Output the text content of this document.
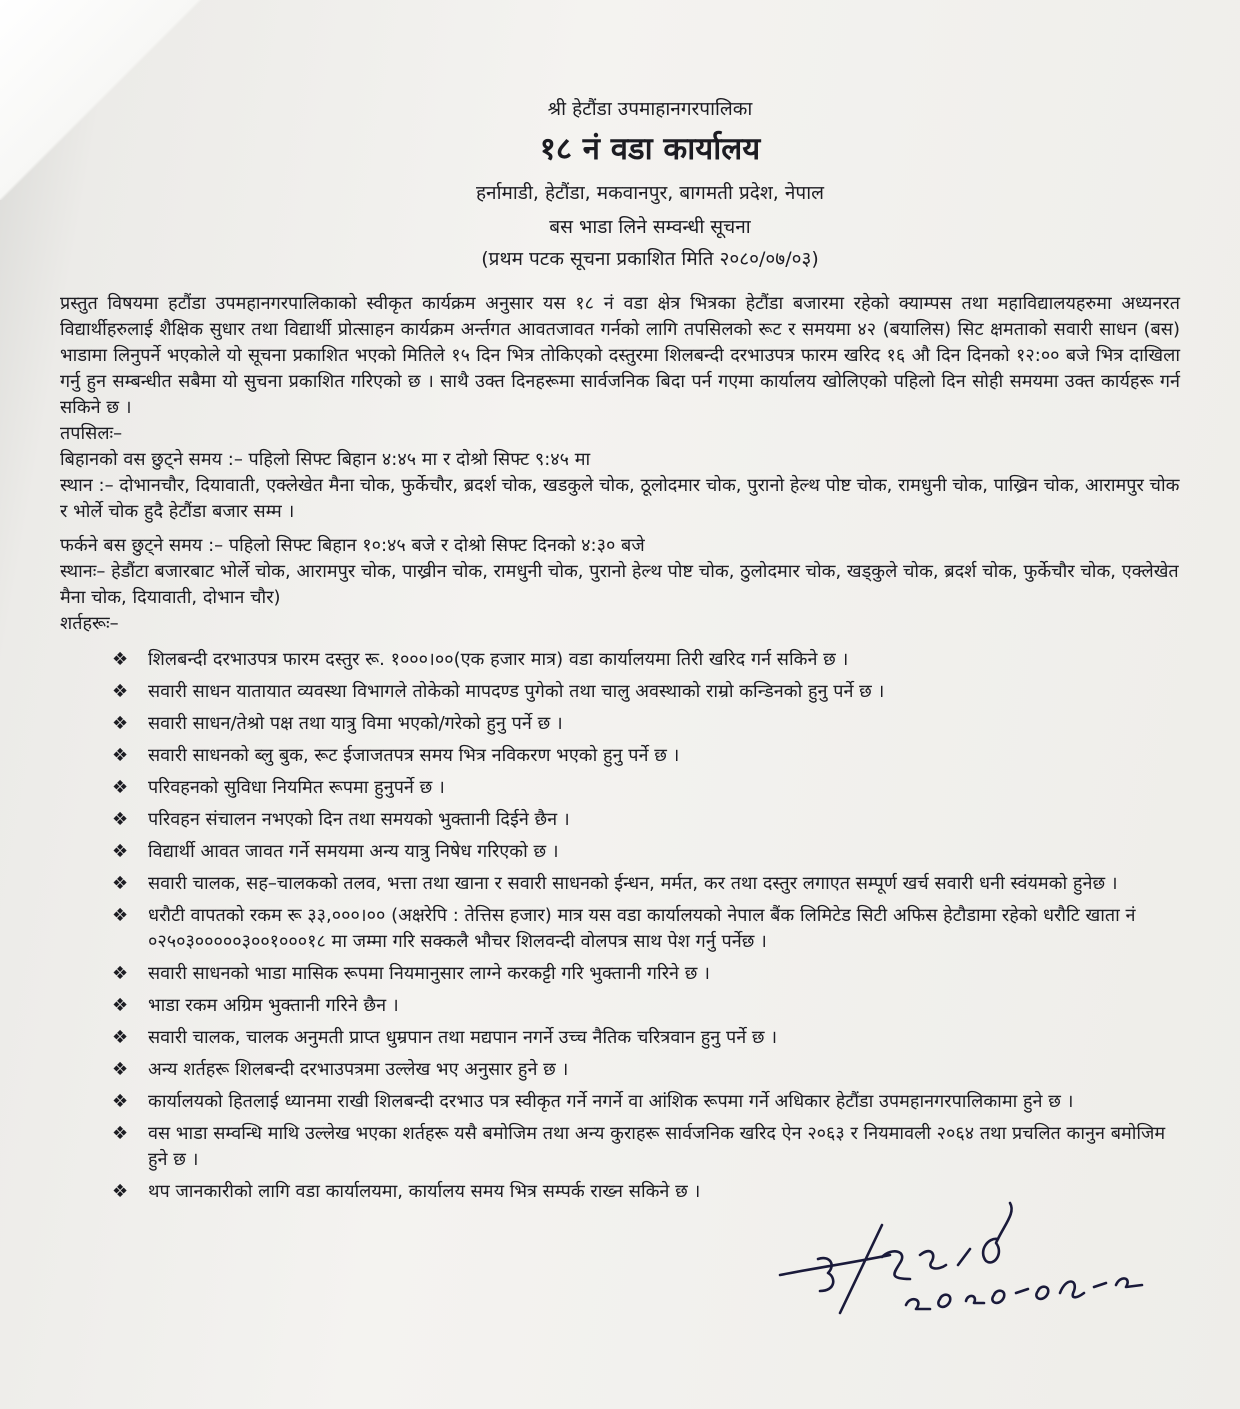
श्री हेटौंडा उपमाहानगरपालिका
१८ नं वडा कार्यालय
हर्नामाडी, हेटौंडा, मकवानपुर, बागमती प्रदेश, नेपाल
बस भाडा लिने सम्वन्धी सूचना
(प्रथम पटक सूचना प्रकाशित मिति २०८०/०७/०३)

प्रस्तुत विषयमा हटौंडा उपमहानगरपालिकाको स्वीकृत कार्यक्रम अनुसार यस १८ नं वडा क्षेत्र भित्रका हेटौंडा बजारमा रहेको क्याम्पस तथा महाविद्यालयहरुमा अध्यनरत विद्यार्थीहरुलाई शैक्षिक सुधार तथा विद्यार्थी प्रोत्साहन कार्यक्रम अर्न्तगत आवतजावत गर्नको लागि तपसिलको रूट र समयमा ४२ (बयालिस) सिट क्षमताको सवारी साधन (बस) भाडामा लिनुपर्ने भएकोले यो सूचना प्रकाशित भएको मितिले १५ दिन भित्र तोकिएको दस्तुरमा शिलबन्दी दरभाउपत्र फारम खरिद १६ औ दिन दिनको १२:०० बजे भित्र दाखिला गर्नु हुन सम्बन्धीत सबैमा यो सुचना प्रकाशित गरिएको छ । साथै उक्त दिनहरूमा सार्वजनिक बिदा पर्न गएमा कार्यालय खोलिएको पहिलो दिन सोही समयमा उक्त कार्यहरू गर्न सकिने छ ।

तपसिलः–

बिहानको वस छुट्ने समय :– पहिलो सिफ्ट बिहान ४:४५ मा र दोश्रो सिफ्ट ९:४५ मा

स्थान :– दोभानचौर, दियावाती, एक्लेखेत मैना चोक, फुर्केचौर, ब्रदर्श चोक, खडकुले चोक, ठूलोदमार चोक, पुरानो हेल्थ पोष्ट चोक, रामधुनी चोक, पाख्रिन चोक, आरामपुर चोक र भोर्ले चोक हुदै हेटौंडा बजार सम्म ।

फर्कने बस छुट्ने समय :– पहिलो सिफ्ट बिहान १०:४५ बजे र दोश्रो सिफ्ट दिनको ४:३० बजे

स्थानः– हेडौंटा बजारबाट भोर्ले चोक, आरामपुर चोक, पाख्रीन चोक, रामधुनी चोक, पुरानो हेल्थ पोष्ट चोक, ठुलोदमार चोक, खड्कुले चोक, ब्रदर्श चोक, फुर्केचौर चोक, एक्लेखेत मैना चोक, दियावाती, दोभान चौर)

शर्तहरूः–

❖ शिलबन्दी दरभाउपत्र फारम दस्तुर रू. १०००।००(एक हजार मात्र) वडा कार्यालयमा तिरी खरिद गर्न सकिने छ ।
❖ सवारी साधन यातायात व्यवस्था विभागले तोकेको मापदण्ड पुगेको तथा चालु अवस्थाको राम्रो कन्डिनको हुनु पर्ने छ ।
❖ सवारी साधन/तेश्रो पक्ष तथा यात्रु विमा भएको/गरेको हुनु पर्ने छ ।
❖ सवारी साधनको ब्लु बुक, रूट ईजाजतपत्र समय भित्र नविकरण भएको हुनु पर्ने छ ।
❖ परिवहनको सुविधा नियमित रूपमा हुनुपर्ने छ ।
❖ परिवहन संचालन नभएको दिन तथा समयको भुक्तानी दिईने छैन ।
❖ विद्यार्थी आवत जावत गर्ने समयमा अन्य यात्रु निषेध गरिएको छ ।
❖ सवारी चालक, सह–चालकको तलव, भत्ता तथा खाना र सवारी साधनको ईन्धन, मर्मत, कर तथा दस्तुर लगाएत सम्पूर्ण खर्च सवारी धनी स्वंयमको हुनेछ ।
❖ धरौटी वापतको रकम रू ३३,०००।०० (अक्षरेपि : तेत्तिस हजार) मात्र यस वडा कार्यालयको नेपाल बैंक लिमिटेड सिटी अफिस हेटौडामा रहेको धरौटि खाता नं ०२५०३०००००३००१०००१८ मा जम्मा गरि सक्कलै भौचर शिलवन्दी वोलपत्र साथ पेश गर्नु पर्नेछ ।
❖ सवारी साधनको भाडा मासिक रूपमा नियमानुसार लाग्ने करकट्टी गरि भुक्तानी गरिने छ ।
❖ भाडा रकम अग्रिम भुक्तानी गरिने छैन ।
❖ सवारी चालक, चालक अनुमती प्राप्त धुम्रपान तथा मद्यपान नगर्ने उच्च नैतिक चरित्रवान हुनु पर्ने छ ।
❖ अन्य शर्तहरू शिलबन्दी दरभाउपत्रमा उल्लेख भए अनुसार हुने छ ।
❖ कार्यालयको हितलाई ध्यानमा राखी शिलबन्दी दरभाउ पत्र स्वीकृत गर्ने नगर्ने वा आंशिक रूपमा गर्ने अधिकार हेटौंडा उपमहानगरपालिकामा हुने छ ।
❖ वस भाडा सम्वन्धि माथि उल्लेख भएका शर्तहरू यसै बमोजिम तथा अन्य कुराहरू सार्वजनिक खरिद ऐन २०६३ र नियमावली २०६४ तथा प्रचलित कानुन बमोजिम हुने छ ।
❖ थप जानकारीको लागि वडा कार्यालयमा, कार्यालय समय भित्र सम्पर्क राख्न सकिने छ ।
